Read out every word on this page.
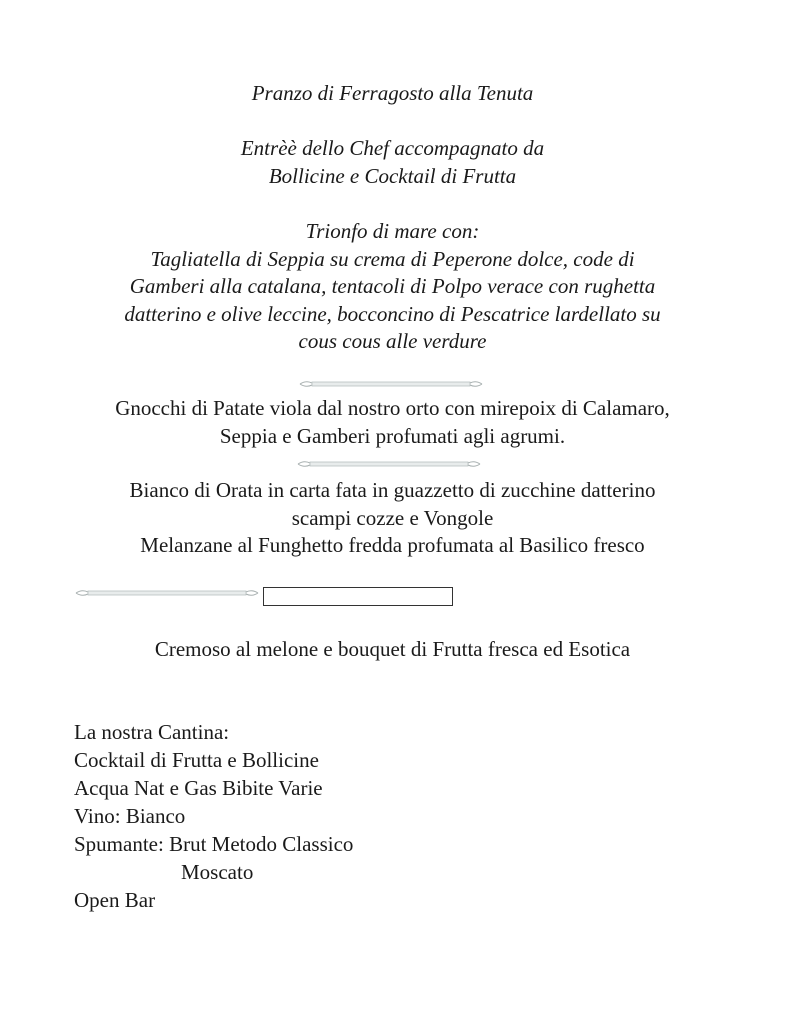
Pranzo di Ferragosto alla Tenuta
Entrèè dello Chef accompagnato da
Bollicine e Cocktail di Frutta
Trionfo di mare con:
Tagliatella di Seppia su crema di Peperone dolce, code di
Gamberi alla catalana, tentacoli di Polpo verace con rughetta
datterino e olive leccine, bocconcino di Pescatrice lardellato su
cous cous alle verdure
Gnocchi di Patate viola dal nostro orto con mirepoix di Calamaro,
Seppia e Gamberi profumati agli agrumi.
Bianco di Orata in carta fata in guazzetto di zucchine datterino
scampi cozze e Vongole
Melanzane al Funghetto fredda profumata al Basilico fresco
Cremoso al melone e bouquet di Frutta fresca ed Esotica
La nostra Cantina:
Cocktail di Frutta e Bollicine
Acqua Nat e Gas Bibite Varie
Vino: Bianco
Spumante: Brut Metodo Classico
Moscato
Open Bar
